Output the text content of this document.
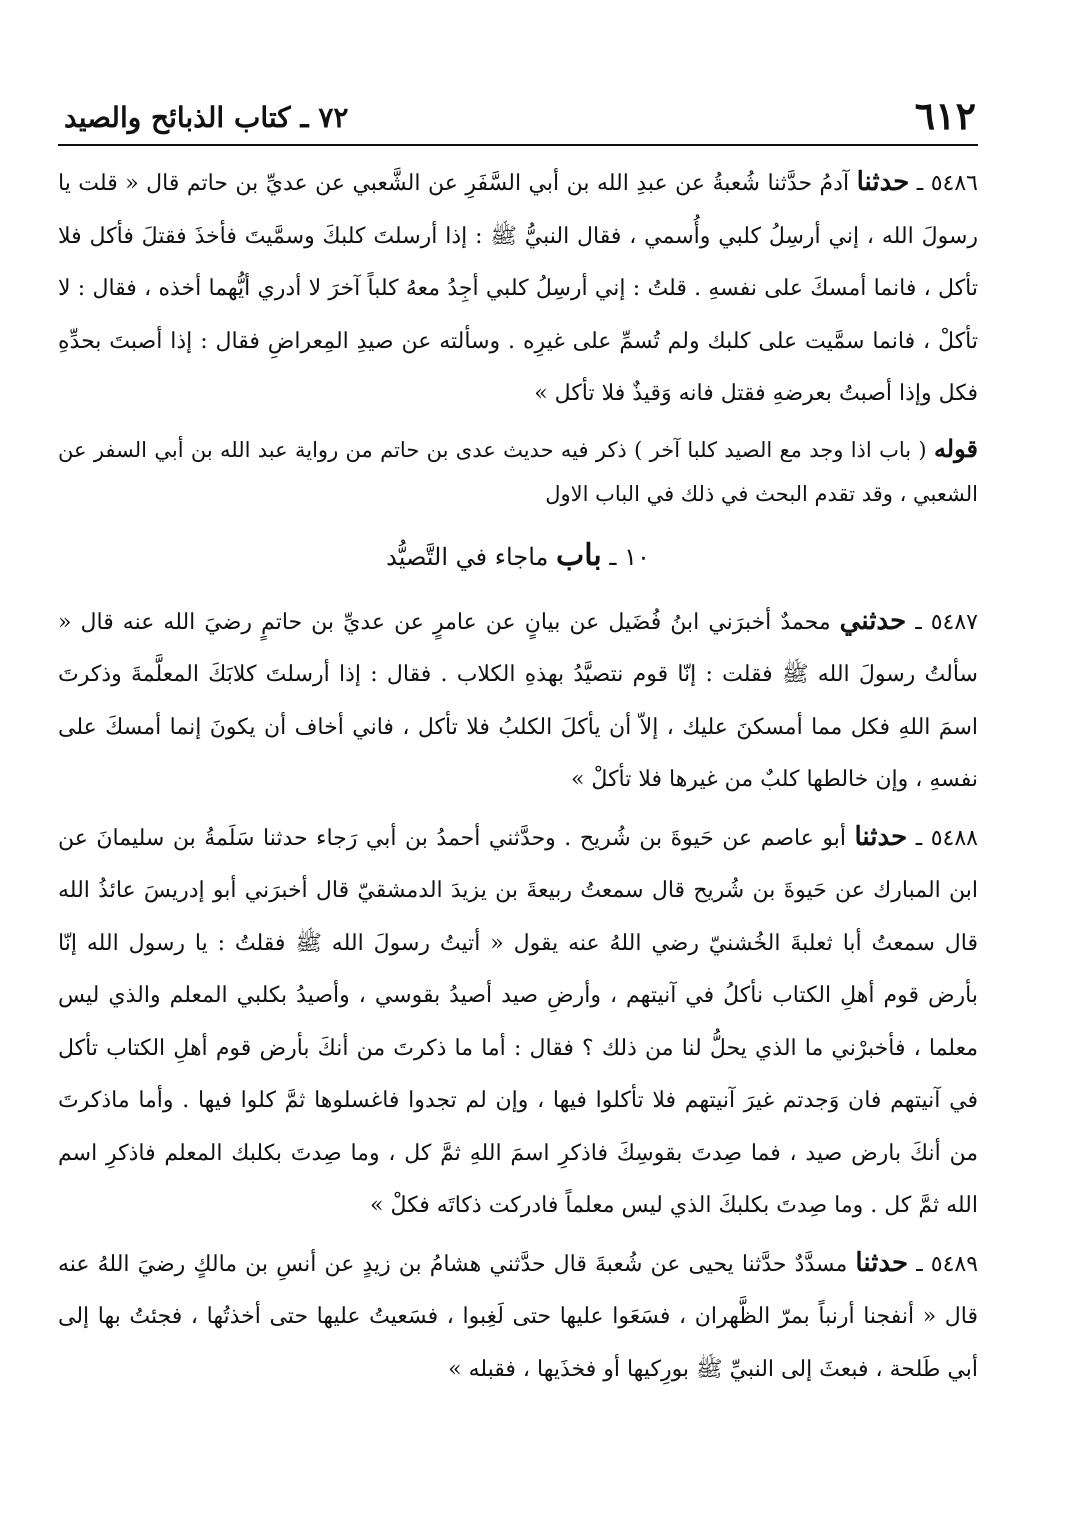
٦١٢
٧٢ ـ كتاب الذبائح والصيد

٥٤٨٦ ـ حدثنا آدمُ حدَّثنا شُعبةُ عن عبدِ الله بن أبي السَّفَرِ عن الشَّعبي عن عديِّ بن حاتم قال « قلت يا رسولَ الله ، إني أرسِلُ كلبي وأُسمي ، فقال النبيُّ ﷺ : إذا أرسلتَ كلبكَ وسمَّيتَ فأخذَ فقتلَ فأكل فلا تأكل ، فانما أمسكَ على نفسهِ . قلتُ : إني أرسِلُ كلبي أجِدُ معهُ كلباً آخرَ لا أدري أيُّهما أخذه ، فقال : لا تأكلْ ، فانما سمَّيت على كلبك ولم تُسمِّ على غيرِه . وسألته عن صيدِ المِعراضِ فقال : إذا أصبتَ بحدِّهِ فكل وإذا أصبتُ بعرضهِ فقتل فانه وَقيذٌ فلا تأكل »

قوله ( باب اذا وجد مع الصيد كلبا آخر ) ذكر فيه حديث عدى بن حاتم من رواية عبد الله بن أبي السفر عن الشعبي ، وقد تقدم البحث في ذلك في الباب الاول

١٠ ـ باب ماجاء في التَّصيُّد

٥٤٨٧ ـ حدثني محمدٌ أخبرَني ابنُ فُضَيل عن بيانٍ عن عامرٍ عن عديِّ بن حاتمٍ رضيَ الله عنه قال « سألتُ رسولَ الله ﷺ فقلت : إنّا قوم نتصيَّدُ بهذهِ الكلاب . فقال : إذا أرسلتَ كلابَكَ المعلَّمةَ وذكرتَ اسمَ اللهِ فكل مما أمسكنَ عليك ، إلاّ أن يأكلَ الكلبُ فلا تأكل ، فاني أخاف أن يكونَ إنما أمسكَ على نفسهِ ، وإن خالطها كلبٌ من غيرها فلا تأكلْ »

٥٤٨٨ ـ حدثنا أبو عاصم عن حَيوةَ بن شُريح . وحدَّثني أحمدُ بن أبي رَجاء حدثنا سَلَمةُ بن سليمانَ عن ابن المبارك عن حَيوةَ بن شُريح قال سمعتُ ربيعةَ بن يزيدَ الدمشقيّ قال أخبرَني أبو إدريسَ عائذُ الله قال سمعتُ أبا ثعلبةَ الخُشنيّ رضي اللهُ عنه يقول « أتيتُ رسولَ الله ﷺ فقلتُ : يا رسول الله إنّا بأرض قوم أهلِ الكتاب نأكلُ في آنيتهم ، وأرضِ صيد أصيدُ بقوسي ، وأصيدُ بكلبي المعلم والذي ليس معلما ، فأخبرْني ما الذي يحلُّ لنا من ذلك ؟ فقال : أما ما ذكرتَ من أنكَ بأرض قوم أهلِ الكتاب تأكل في آنيتهم فان وَجدتم غيرَ آنيتهم فلا تأكلوا فيها ، وإن لم تجدوا فاغسلوها ثمَّ كلوا فيها . وأما ماذكرتَ من أنكَ بارض صيد ، فما صِدتَ بقوسِكَ فاذكرِ اسمَ اللهِ ثمَّ كل ، وما صِدتَ بكلبك المعلم فاذكرِ اسم الله ثمَّ كل . وما صِدتَ بكلبكَ الذي ليس معلماً فادركت ذكاتَه فكلْ »

٥٤٨٩ ـ حدثنا مسدَّدٌ حدَّثنا يحيى عن شُعبةَ قال حدَّثني هشامُ بن زيدٍ عن أنسِ بن مالكٍ رضيَ اللهُ عنه قال « أنفجنا أرنباً بمرّ الظَّهران ، فسَعَوا عليها حتى لَغِبوا ، فسَعيتُ عليها حتى أخذتُها ، فجئتُ بها إلى أبي طَلحة ، فبعثَ إلى النبيِّ ﷺ بورِكيها أو فخذَيها ، فقبله »
